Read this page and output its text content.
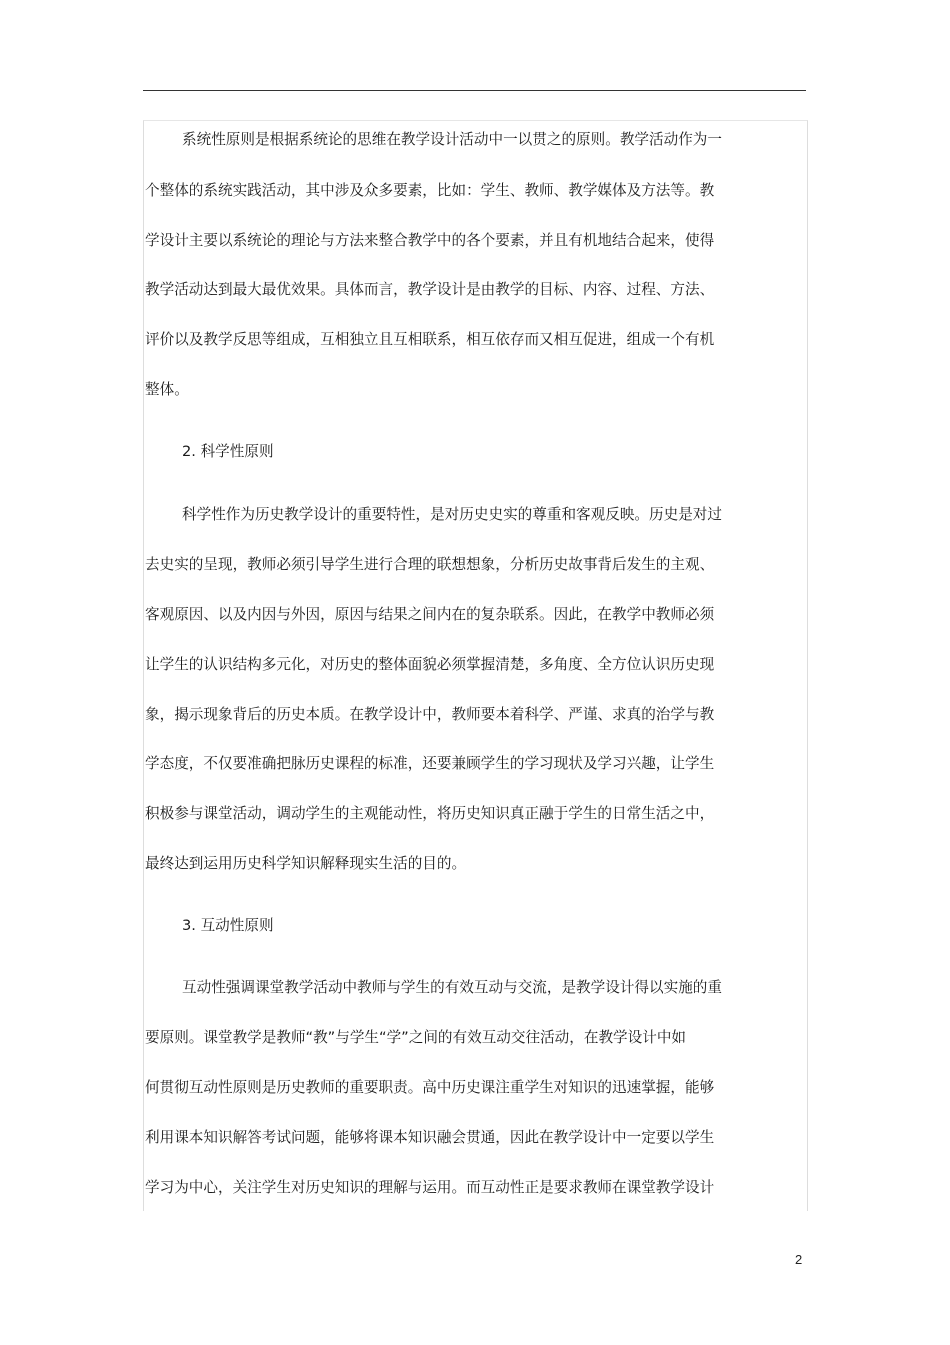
系统性原则是根据系统论的思维在教学设计活动中一以贯之的原则。教学活动作为一
个整体的系统实践活动，其中涉及众多要素，比如：学生、教师、教学媒体及方法等。教
学设计主要以系统论的理论与方法来整合教学中的各个要素，并且有机地结合起来，使得
教学活动达到最大最优效果。具体而言，教学设计是由教学的目标、内容、过程、方法、
评价以及教学反思等组成，互相独立且互相联系，相互依存而又相互促进，组成一个有机
整体。
2. 科学性原则
科学性作为历史教学设计的重要特性，是对历史史实的尊重和客观反映。历史是对过
去史实的呈现，教师必须引导学生进行合理的联想想象，分析历史故事背后发生的主观、
客观原因、以及内因与外因，原因与结果之间内在的复杂联系。因此，在教学中教师必须
让学生的认识结构多元化，对历史的整体面貌必须掌握清楚，多角度、全方位认识历史现
象，揭示现象背后的历史本质。在教学设计中，教师要本着科学、严谨、求真的治学与教
学态度，不仅要准确把脉历史课程的标准，还要兼顾学生的学习现状及学习兴趣，让学生
积极参与课堂活动，调动学生的主观能动性，将历史知识真正融于学生的日常生活之中，
最终达到运用历史科学知识解释现实生活的目的。
3. 互动性原则
互动性强调课堂教学活动中教师与学生的有效互动与交流，是教学设计得以实施的重
要原则。课堂教学是教师“教”与学生“学”之间的有效互动交往活动，在教学设计中如
何贯彻互动性原则是历史教师的重要职责。高中历史课注重学生对知识的迅速掌握，能够
利用课本知识解答考试问题，能够将课本知识融会贯通，因此在教学设计中一定要以学生
学习为中心，关注学生对历史知识的理解与运用。而互动性正是要求教师在课堂教学设计
2
